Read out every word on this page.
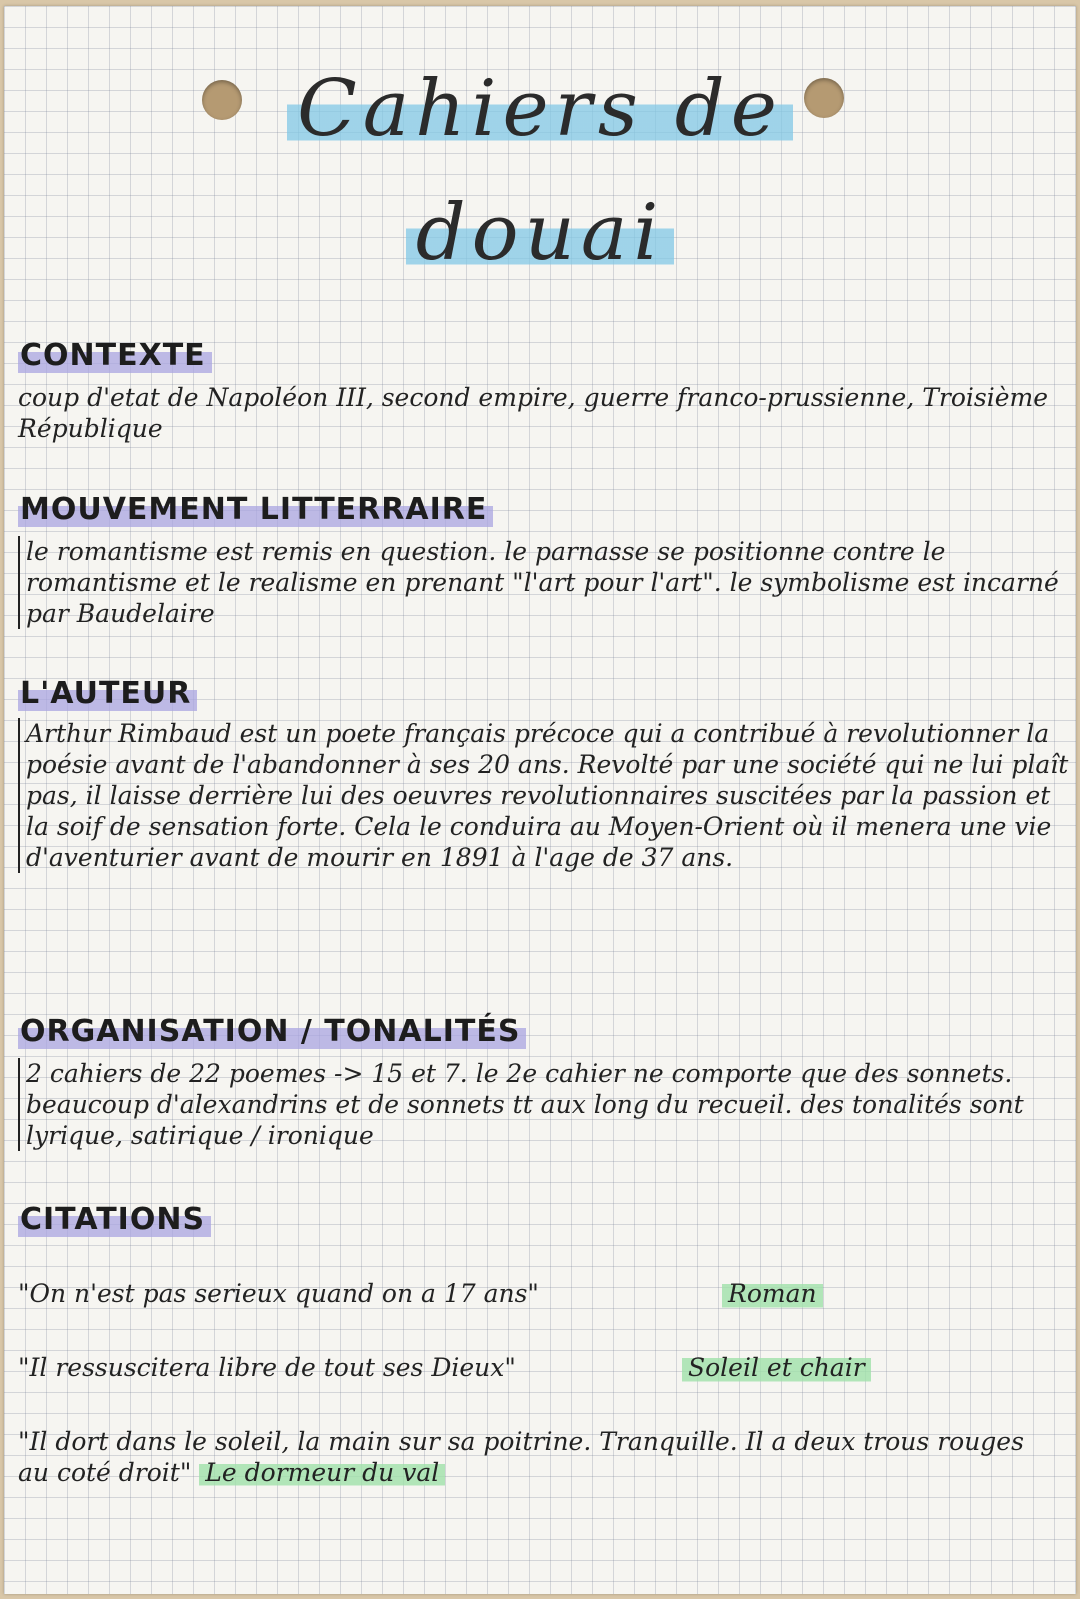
Cahiers de
douai
CONTEXTE
coup d'etat de Napoléon III, second empire, guerre franco-prussienne, Troisième République
MOUVEMENT LITTERRAIRE
le romantisme est remis en question. le parnasse se positionne contre le romantisme et le realisme en prenant "l'art pour l'art". le symbolisme est incarné par Baudelaire
L'AUTEUR
Arthur Rimbaud est un poete français précoce qui a contribué à revolutionner la poésie avant de l'abandonner à ses 20 ans. Revolté par une société qui ne lui plaît pas, il laisse derrière lui des oeuvres revolutionnaires suscitées par la passion et la soif de sensation forte. Cela le conduira au Moyen-Orient où il menera une vie d'aventurier avant de mourir en 1891 à l'age de 37 ans.
ORGANISATION / TONALITÉS
2 cahiers de 22 poemes -> 15 et 7. le 2e cahier ne comporte que des sonnets. beaucoup d'alexandrins et de sonnets tt aux long du recueil. des tonalités sont lyrique, satirique / ironique
CITATIONS
"On n'est pas serieux quand on a 17 ans"	Roman
"Il ressuscitera libre de tout ses Dieux"	Soleil et chair
"Il dort dans le soleil, la main sur sa poitrine. Tranquille. Il a deux trous rouges au coté droit" Le dormeur du val
